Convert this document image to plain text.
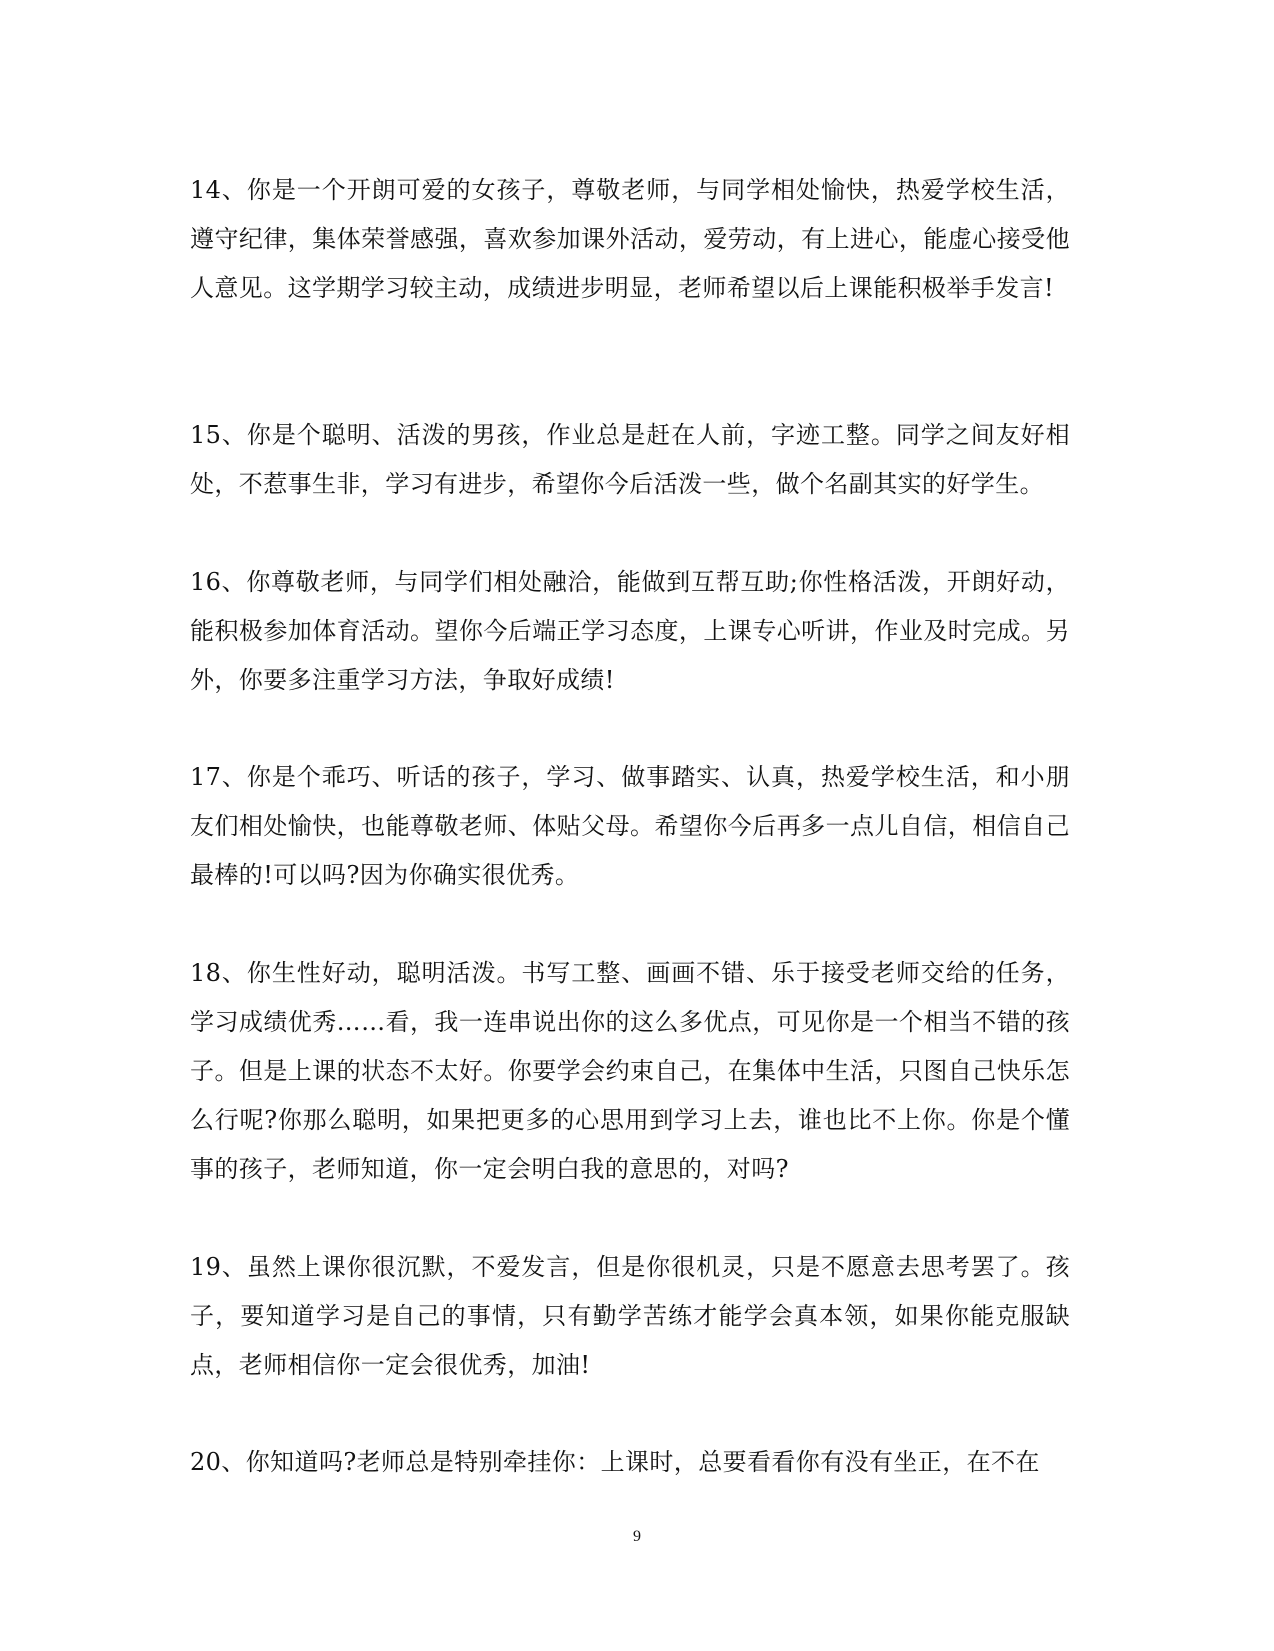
14、你是一个开朗可爱的女孩子，尊敬老师，与同学相处愉快，热爱学校生活，遵守纪律，集体荣誉感强，喜欢参加课外活动，爱劳动，有上进心，能虚心接受他人意见。这学期学习较主动，成绩进步明显，老师希望以后上课能积极举手发言!

15、你是个聪明、活泼的男孩，作业总是赶在人前，字迹工整。同学之间友好相处，不惹事生非，学习有进步，希望你今后活泼一些，做个名副其实的好学生。

16、你尊敬老师，与同学们相处融洽，能做到互帮互助;你性格活泼，开朗好动，能积极参加体育活动。望你今后端正学习态度，上课专心听讲，作业及时完成。另外，你要多注重学习方法，争取好成绩!

17、你是个乖巧、听话的孩子，学习、做事踏实、认真，热爱学校生活，和小朋友们相处愉快，也能尊敬老师、体贴父母。希望你今后再多一点儿自信，相信自己最棒的!可以吗?因为你确实很优秀。

18、你生性好动，聪明活泼。书写工整、画画不错、乐于接受老师交给的任务，学习成绩优秀……看，我一连串说出你的这么多优点，可见你是一个相当不错的孩子。但是上课的状态不太好。你要学会约束自己，在集体中生活，只图自己快乐怎么行呢?你那么聪明，如果把更多的心思用到学习上去，谁也比不上你。你是个懂事的孩子，老师知道，你一定会明白我的意思的，对吗?

19、虽然上课你很沉默，不爱发言，但是你很机灵，只是不愿意去思考罢了。孩子，要知道学习是自己的事情，只有勤学苦练才能学会真本领，如果你能克服缺点，老师相信你一定会很优秀，加油!

20、你知道吗?老师总是特别牵挂你：上课时，总要看看你有没有坐正，在不在

9
